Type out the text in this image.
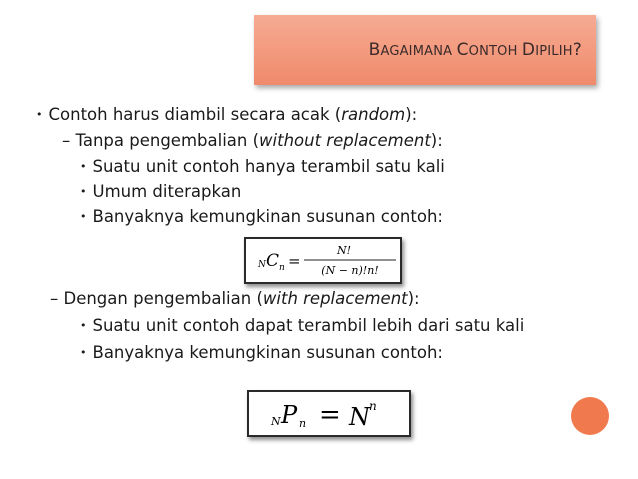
BAGAIMANA CONTOH DIPILIH?
• Contoh harus diambil secara acak (random):
– Tanpa pengembalian (without replacement):
• Suatu unit contoh hanya terambil satu kali
• Umum diterapkan
• Banyaknya kemungkinan susunan contoh:
N C n =
N!
(N − n)!n!
– Dengan pengembalian (with replacement):
• Suatu unit contoh dapat terambil lebih dari satu kali
• Banyaknya kemungkinan susunan contoh:
N P n = N n
